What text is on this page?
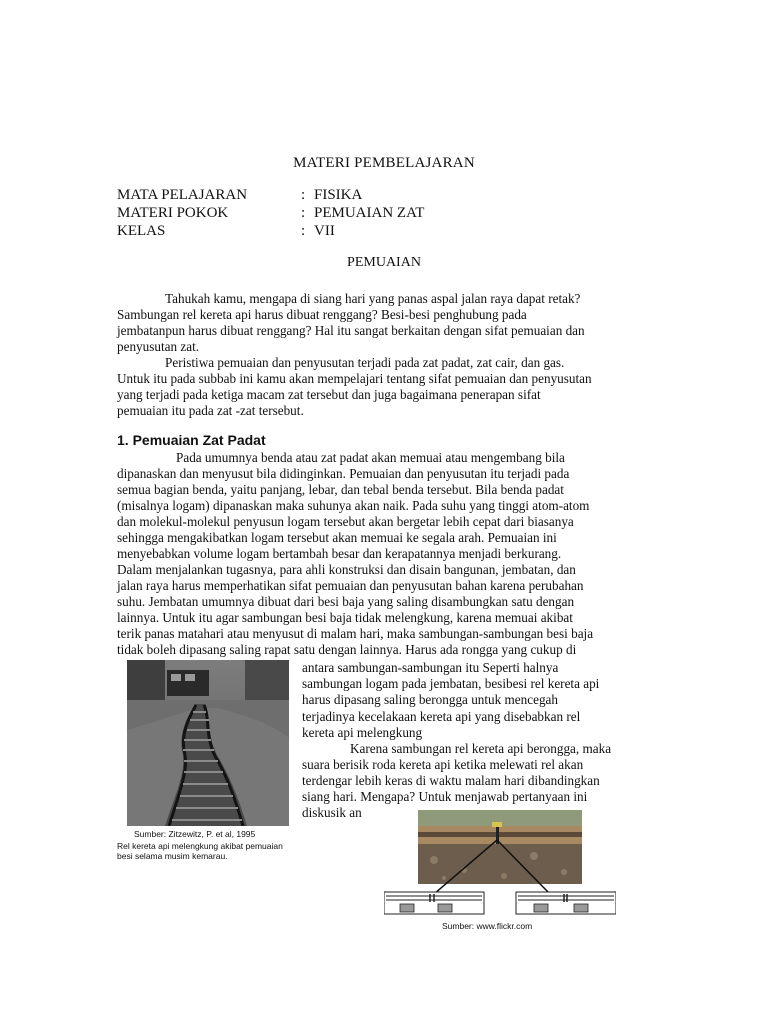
MATERI PEMBELAJARAN
MATA PELAJARAN	: FISIKA
MATERI POKOK	: PEMUAIAN ZAT
KELAS	: VII
PEMUAIAN
Tahukah kamu, mengapa di siang hari yang panas aspal jalan raya dapat retak?
Sambungan rel kereta api harus dibuat renggang? Besi-besi penghubung pada
jembatanpun harus dibuat renggang? Hal itu sangat berkaitan dengan sifat pemuaian dan
penyusutan zat.
Peristiwa pemuaian dan penyusutan terjadi pada zat padat, zat cair, dan gas.
Untuk itu pada subbab ini kamu akan mempelajari tentang sifat pemuaian dan penyusutan
yang terjadi pada ketiga macam zat tersebut dan juga bagaimana penerapan sifat
pemuaian itu pada zat -zat tersebut.
1. Pemuaian Zat Padat
Pada umumnya benda atau zat padat akan memuai atau mengembang bila
dipanaskan dan menyusut bila didinginkan. Pemuaian dan penyusutan itu terjadi pada
semua bagian benda, yaitu panjang, lebar, dan tebal benda tersebut. Bila benda padat
(misalnya logam) dipanaskan maka suhunya akan naik. Pada suhu yang tinggi atom-atom
dan molekul-molekul penyusun logam tersebut akan bergetar lebih cepat dari biasanya
sehingga mengakibatkan logam tersebut akan memuai ke segala arah. Pemuaian ini
menyebabkan volume logam bertambah besar dan kerapatannya menjadi berkurang.
Dalam menjalankan tugasnya, para ahli konstruksi dan disain bangunan, jembatan, dan
jalan raya harus memperhatikan sifat pemuaian dan penyusutan bahan karena perubahan
suhu. Jembatan umumnya dibuat dari besi baja yang saling disambungkan satu dengan
lainnya. Untuk itu agar sambungan besi baja tidak melengkung, karena memuai akibat
terik panas matahari atau menyusut di malam hari, maka sambungan-sambungan besi baja
tidak boleh dipasang saling rapat satu dengan lainnya. Harus ada rongga yang cukup di
Sumber: Zitzewitz, P. et al, 1995
Rel kereta api melengkung akibat pemuaian
besi selama musim kemarau.
antara sambungan-sambungan itu Seperti halnya
sambungan logam pada jembatan, besibesi rel kereta api
harus dipasang saling berongga untuk mencegah
terjadinya kecelakaan kereta api yang disebabkan rel
kereta api melengkung
Karena sambungan rel kereta api berongga, maka
suara berisik roda kereta api ketika melewati rel akan
terdengar lebih keras di waktu malam hari dibandingkan
siang hari. Mengapa? Untuk menjawab pertanyaan ini
diskusik an
Sumber: www.flickr.com
